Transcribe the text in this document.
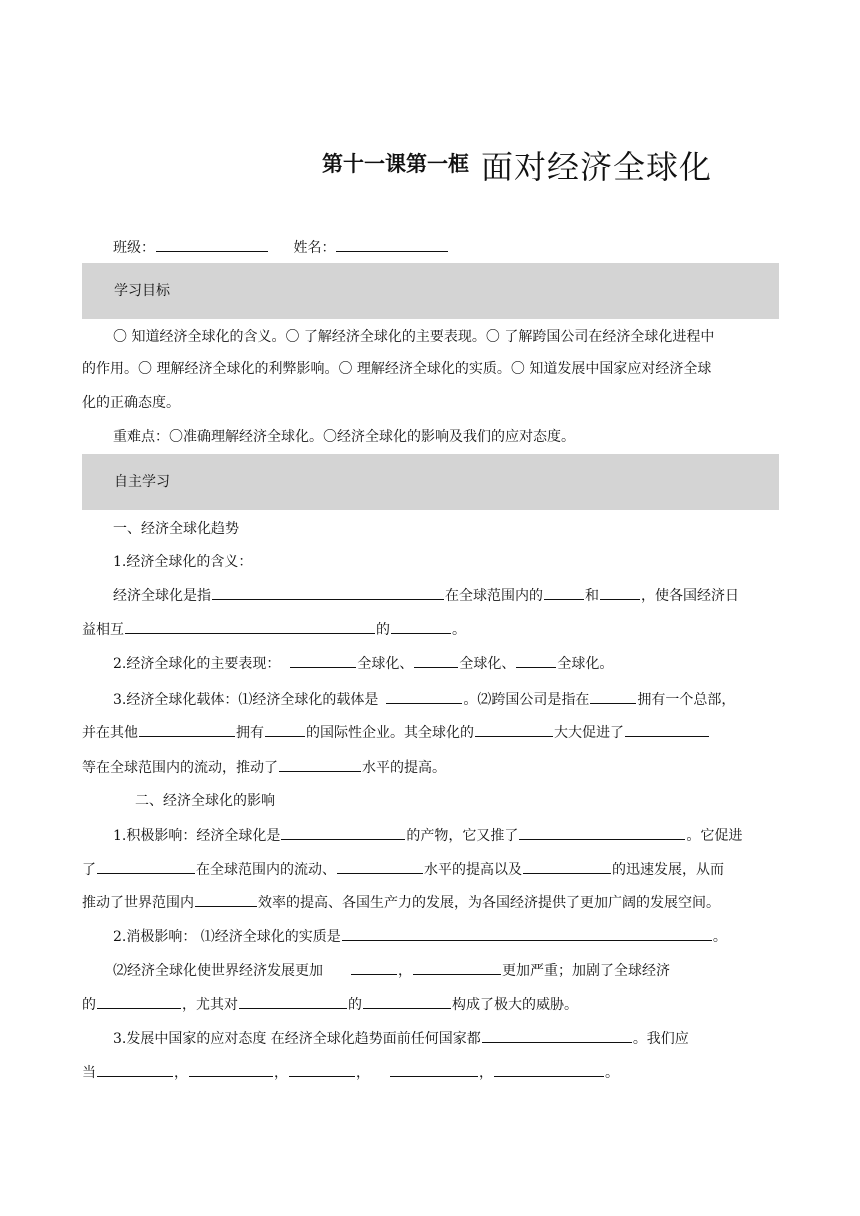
第十一课第一框 面对经济全球化
班级：	姓名：
学习目标
〇 知道经济全球化的含义。〇 了解经济全球化的主要表现。〇 了解跨国公司在经济全球化进程中
的作用。〇 理解经济全球化的利弊影响。〇 理解经济全球化的实质。〇 知道发展中国家应对经济全球
化的正确态度。
重难点：〇准确理解经济全球化。〇经济全球化的影响及我们的应对态度。
自主学习
一、经济全球化趋势
1.经济全球化的含义：
经济全球化是指	在全球范围内的	和	，使各国经济日
益相互	的	。
2.经济全球化的主要表现：	全球化、	全球化、	全球化。
3.经济全球化载体：⑴经济全球化的载体是	。⑵跨国公司是指在	拥有一个总部，
并在其他	拥有	的国际性企业。其全球化的	大大促进了
等在全球范围内的流动，推动了	水平的提高。
二、经济全球化的影响
1.积极影响：经济全球化是	的产物，它又推了	。它促进
了	在全球范围内的流动、	水平的提高以及	的迅速发展，从而
推动了世界范围内	效率的提高、各国生产力的发展，为各国经济提供了更加广阔的发展空间。
2.消极影响： ⑴经济全球化的实质是	。
⑵经济全球化使世界经济发展更加	，	更加严重；加剧了全球经济
的	，尤其对	的	构成了极大的威胁。
3.发展中国家的应对态度 在经济全球化趋势面前任何国家都	。我们应
当	，	，	，	，	。
